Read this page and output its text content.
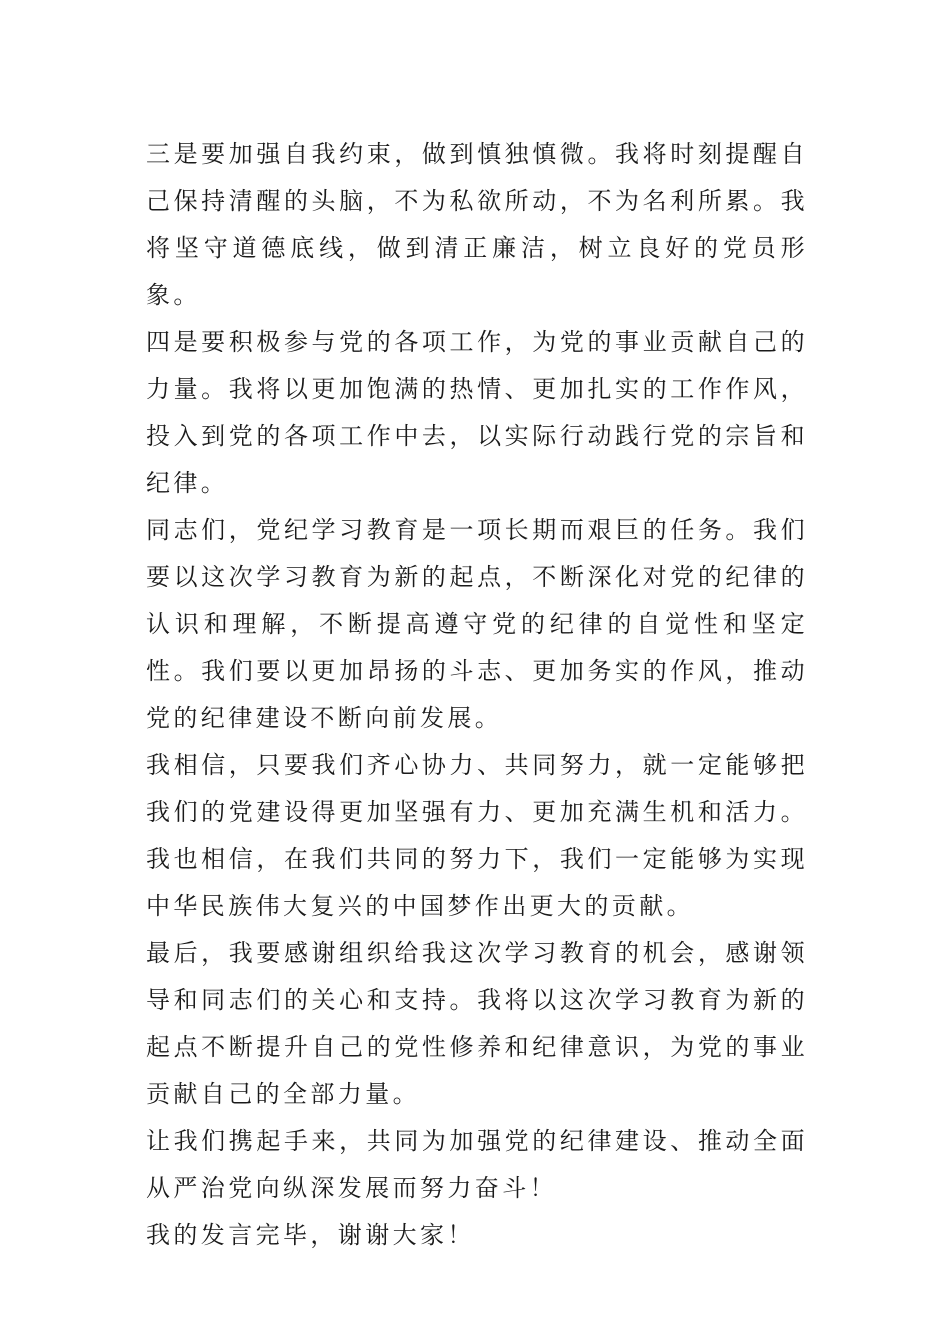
三是要加强自我约束，做到慎独慎微。我将时刻提醒自己保持清醒的头脑，不为私欲所动，不为名利所累。我将坚守道德底线，做到清正廉洁，树立良好的党员形象。

四是要积极参与党的各项工作，为党的事业贡献自己的力量。我将以更加饱满的热情、更加扎实的工作作风，投入到党的各项工作中去，以实际行动践行党的宗旨和纪律。

同志们，党纪学习教育是一项长期而艰巨的任务。我们要以这次学习教育为新的起点，不断深化对党的纪律的认识和理解，不断提高遵守党的纪律的自觉性和坚定性。我们要以更加昂扬的斗志、更加务实的作风，推动党的纪律建设不断向前发展。

我相信，只要我们齐心协力、共同努力，就一定能够把我们的党建设得更加坚强有力、更加充满生机和活力。我也相信，在我们共同的努力下，我们一定能够为实现中华民族伟大复兴的中国梦作出更大的贡献。

最后，我要感谢组织给我这次学习教育的机会，感谢领导和同志们的关心和支持。我将以这次学习教育为新的起点不断提升自己的党性修养和纪律意识，为党的事业贡献自己的全部力量。

让我们携起手来，共同为加强党的纪律建设、推动全面从严治党向纵深发展而努力奋斗！

我的发言完毕，谢谢大家！
